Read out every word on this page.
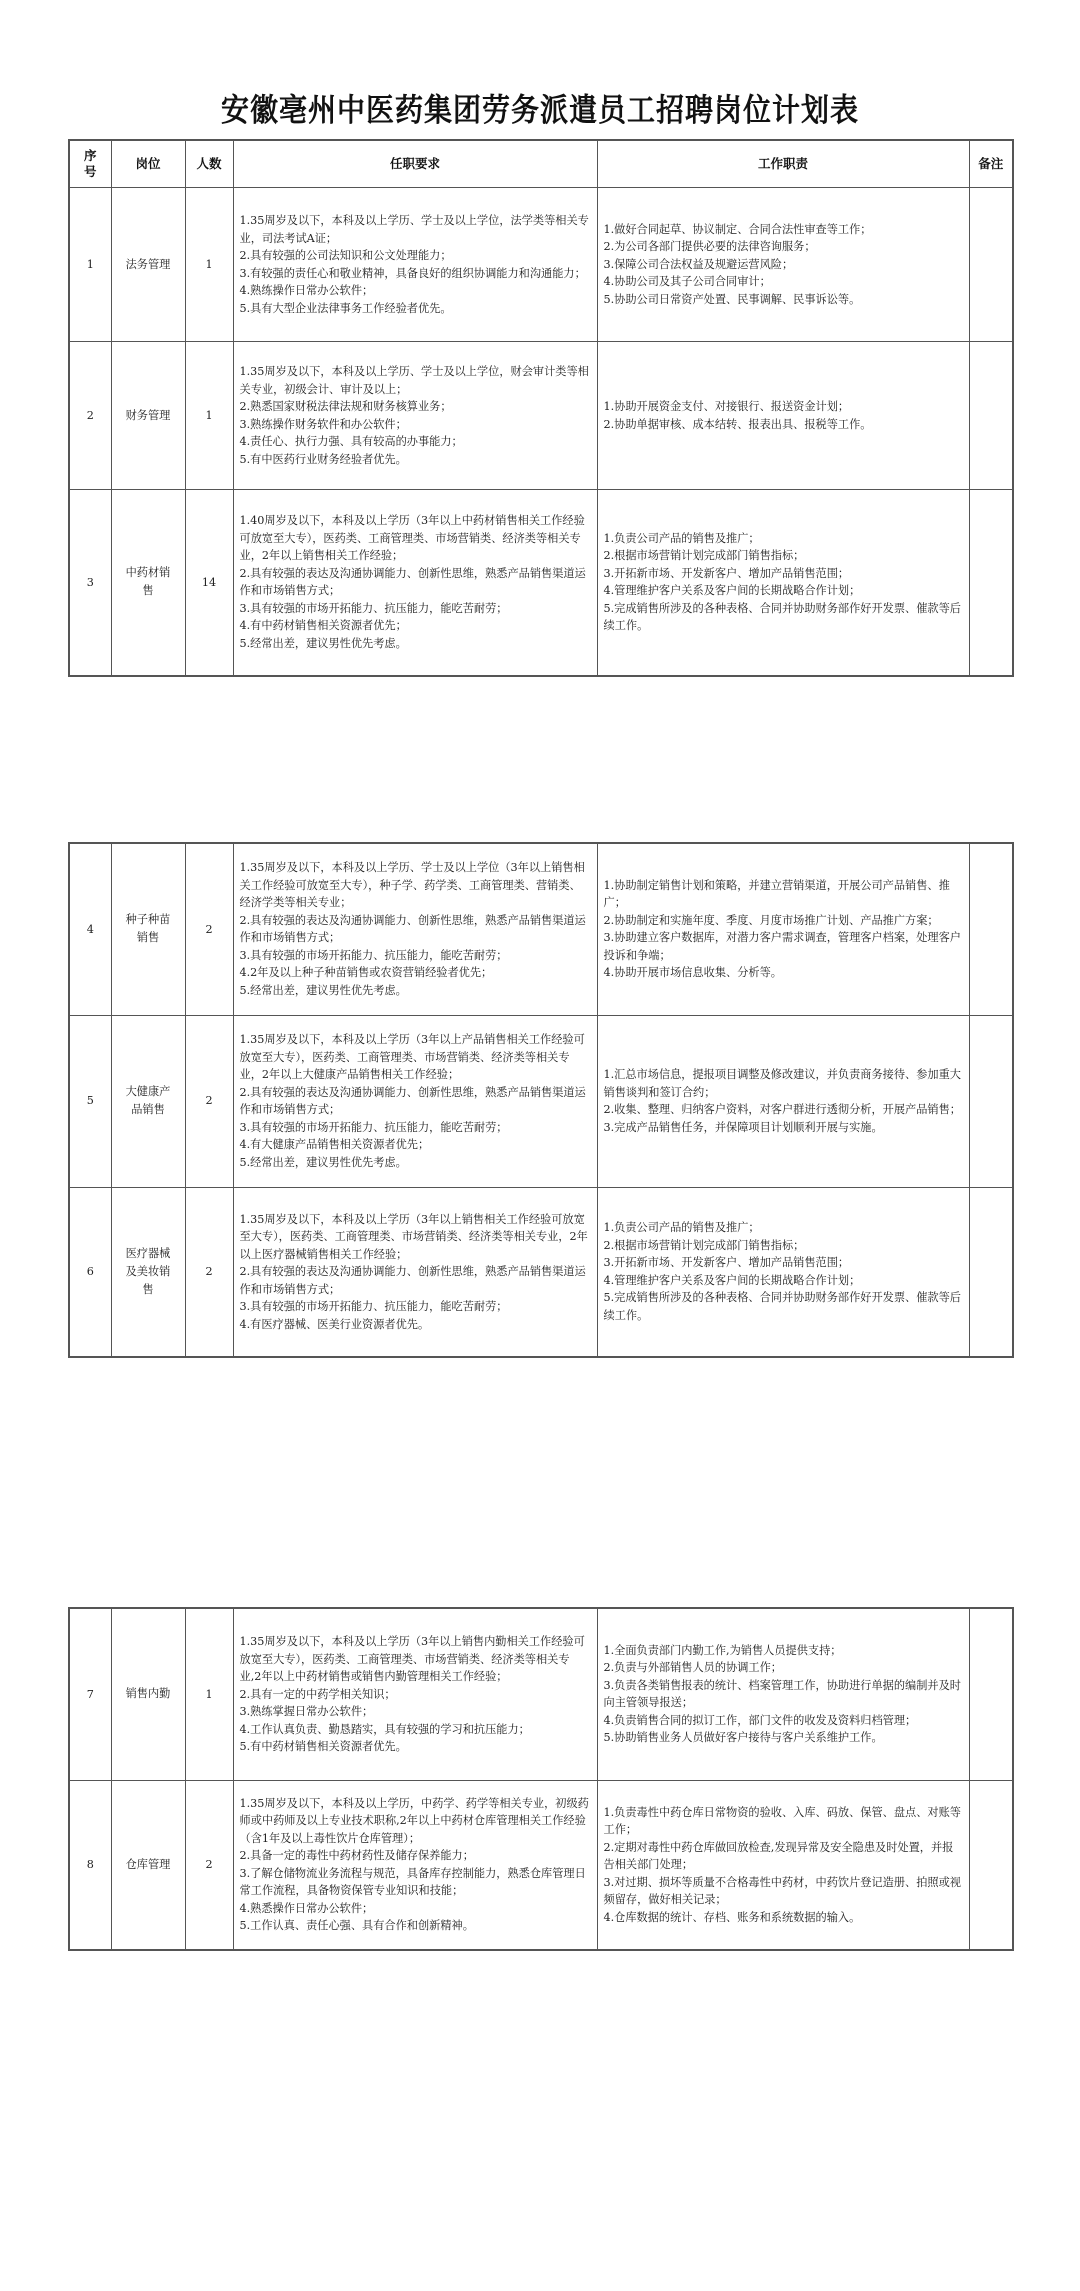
安徽亳州中医药集团劳务派遣员工招聘岗位计划表
序号	岗位	人数	任职要求	工作职责	备注
1	法务管理	1	1.35周岁及以下，本科及以上学历、学士及以上学位，法学类等相关专业，司法考试A证；
2.具有较强的公司法知识和公文处理能力；
3.有较强的责任心和敬业精神，具备良好的组织协调能力和沟通能力；
4.熟练操作日常办公软件；
5.具有大型企业法律事务工作经验者优先。	1.做好合同起草、协议制定、合同合法性审查等工作；
2.为公司各部门提供必要的法律咨询服务；
3.保障公司合法权益及规避运营风险；
4.协助公司及其子公司合同审计；
5.协助公司日常资产处置、民事调解、民事诉讼等。	

2	财务管理	1	1.35周岁及以下，本科及以上学历、学士及以上学位，财会审计类等相关专业，初级会计、审计及以上；
2.熟悉国家财税法律法规和财务核算业务；
3.熟练操作财务软件和办公软件；
4.责任心、执行力强、具有较高的办事能力；
5.有中医药行业财务经验者优先。	1.协助开展资金支付、对接银行、报送资金计划；
2.协助单据审核、成本结转、报表出具、报税等工作。	

3	中药材销售	14	1.40周岁及以下，本科及以上学历（3年以上中药材销售相关工作经验可放宽至大专），医药类、工商管理类、市场营销类、经济类等相关专业，2年以上销售相关工作经验；
2.具有较强的表达及沟通协调能力、创新性思维，熟悉产品销售渠道运作和市场销售方式；
3.具有较强的市场开拓能力、抗压能力，能吃苦耐劳；
4.有中药材销售相关资源者优先；
5.经常出差，建议男性优先考虑。	1.负责公司产品的销售及推广；
2.根据市场营销计划完成部门销售指标；
3.开拓新市场、开发新客户、增加产品销售范围；
4.管理维护客户关系及客户间的长期战略合作计划；
5.完成销售所涉及的各种表格、合同并协助财务部作好开发票、催款等后续工作。	

4	种子种苗销售	2	1.35周岁及以下，本科及以上学历、学士及以上学位（3年以上销售相关工作经验可放宽至大专），种子学、药学类、工商管理类、营销类、经济学类等相关专业；
2.具有较强的表达及沟通协调能力、创新性思维，熟悉产品销售渠道运作和市场销售方式；
3.具有较强的市场开拓能力、抗压能力，能吃苦耐劳；
4.2年及以上种子种苗销售或农资营销经验者优先；
5.经常出差，建议男性优先考虑。	1.协助制定销售计划和策略，并建立营销渠道，开展公司产品销售、推广；
2.协助制定和实施年度、季度、月度市场推广计划、产品推广方案；
3.协助建立客户数据库，对潜力客户需求调查，管理客户档案，处理客户投诉和争端；
4.协助开展市场信息收集、分析等。	

5	大健康产品销售	2	1.35周岁及以下，本科及以上学历（3年以上产品销售相关工作经验可放宽至大专），医药类、工商管理类、市场营销类、经济类等相关专业，2年以上大健康产品销售相关工作经验；
2.具有较强的表达及沟通协调能力、创新性思维，熟悉产品销售渠道运作和市场销售方式；
3.具有较强的市场开拓能力、抗压能力，能吃苦耐劳；
4.有大健康产品销售相关资源者优先；
5.经常出差，建议男性优先考虑。	1.汇总市场信息，提报项目调整及修改建议，并负责商务接待、参加重大销售谈判和签订合约；
2.收集、整理、归纳客户资料，对客户群进行透彻分析，开展产品销售；
3.完成产品销售任务，并保障项目计划顺利开展与实施。	

6	医疗器械及美妆销售	2	1.35周岁及以下，本科及以上学历（3年以上销售相关工作经验可放宽至大专），医药类、工商管理类、市场营销类、经济类等相关专业，2年以上医疗器械销售相关工作经验；
2.具有较强的表达及沟通协调能力、创新性思维，熟悉产品销售渠道运作和市场销售方式；
3.具有较强的市场开拓能力、抗压能力，能吃苦耐劳；
4.有医疗器械、医美行业资源者优先。	1.负责公司产品的销售及推广；
2.根据市场营销计划完成部门销售指标；
3.开拓新市场、开发新客户、增加产品销售范围；
4.管理维护客户关系及客户间的长期战略合作计划；
5.完成销售所涉及的各种表格、合同并协助财务部作好开发票、催款等后续工作。	

7	销售内勤	1	1.35周岁及以下，本科及以上学历（3年以上销售内勤相关工作经验可放宽至大专），医药类、工商管理类、市场营销类、经济类等相关专业,2年以上中药材销售或销售内勤管理相关工作经验；
2.具有一定的中药学相关知识；
3.熟练掌握日常办公软件；
4.工作认真负责、勤恳踏实，具有较强的学习和抗压能力；
5.有中药材销售相关资源者优先。	1.全面负责部门内勤工作,为销售人员提供支持；
2.负责与外部销售人员的协调工作；
3.负责各类销售报表的统计、档案管理工作，协助进行单据的编制并及时向主管领导报送；
4.负责销售合同的拟订工作，部门文件的收发及资料归档管理；
5.协助销售业务人员做好客户接待与客户关系维护工作。	

8	仓库管理	2	1.35周岁及以下，本科及以上学历，中药学、药学等相关专业，初级药师或中药师及以上专业技术职称,2年以上中药材仓库管理相关工作经验（含1年及以上毒性饮片仓库管理）；
2.具备一定的毒性中药材药性及储存保养能力；
3.了解仓储物流业务流程与规范，具备库存控制能力，熟悉仓库管理日常工作流程，具备物资保管专业知识和技能；
4.熟悉操作日常办公软件；
5.工作认真、责任心强、具有合作和创新精神。	1.负责毒性中药仓库日常物资的验收、入库、码放、保管、盘点、对账等工作；
2.定期对毒性中药仓库做回放检查,发现异常及安全隐患及时处置，并报告相关部门处理；
3.对过期、损坏等质量不合格毒性中药材，中药饮片登记造册、拍照或视频留存，做好相关记录；
4.仓库数据的统计、存档、账务和系统数据的输入。	
